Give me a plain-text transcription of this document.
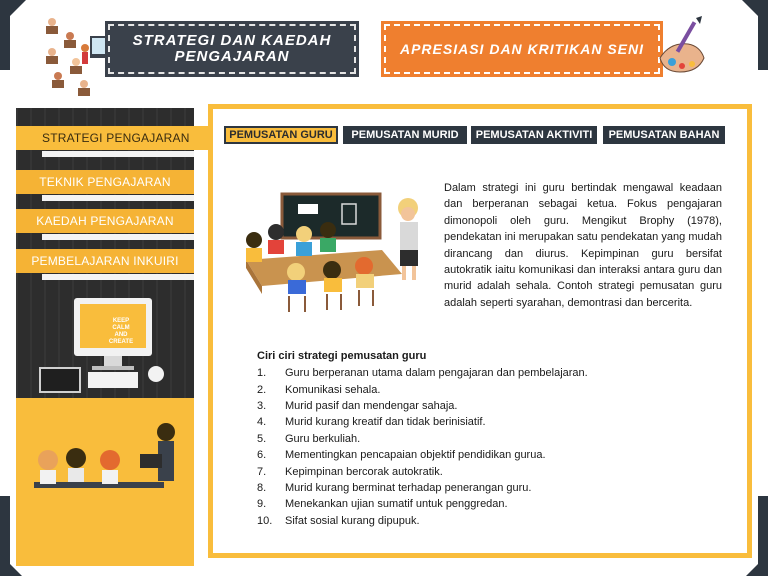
STRATEGI DAN KAEDAH
PENGAJARAN	APRESIASI DAN KRITIKAN SENI
STRATEGI PENGAJARAN
TEKNIK PENGAJARAN
KAEDAH PENGAJARAN
PEMBELAJARAN INKUIRI
KEEP
CALM
AND
CREATE
PEMUSATAN GURU PEMUSATAN MURID PEMUSATAN AKTIVITI PEMUSATAN BAHAN

Dalam strategi ini guru bertindak mengawal keadaan dan berperanan sebagai ketua. Fokus pengajaran dimonopoli oleh guru. Mengikut Brophy (1978), pendekatan ini merupakan satu pendekatan yang mudah dirancang dan diurus. Kepimpinan guru bersifat autokratik iaitu komunikasi dan interaksi antara guru dan murid adalah sehala. Contoh strategi pemusatan guru adalah seperti syarahan, demontrasi dan bercerita.

Ciri ciri strategi pemusatan guru
1.	Guru berperanan utama dalam pengajaran dan pembelajaran.
2.	Komunikasi sehala.
3.	Murid pasif dan mendengar sahaja.
4.	Murid kurang kreatif dan tidak berinisiatif.
5.	Guru berkuliah.
6.	Mementingkan pencapaian objektif pendidikan gurua.
7.	Kepimpinan bercorak autokratik.
8.	Murid kurang berminat terhadap penerangan guru.
9.	Menekankan ujian sumatif untuk penggredan.
10.	Sifat sosial kurang dipupuk.
